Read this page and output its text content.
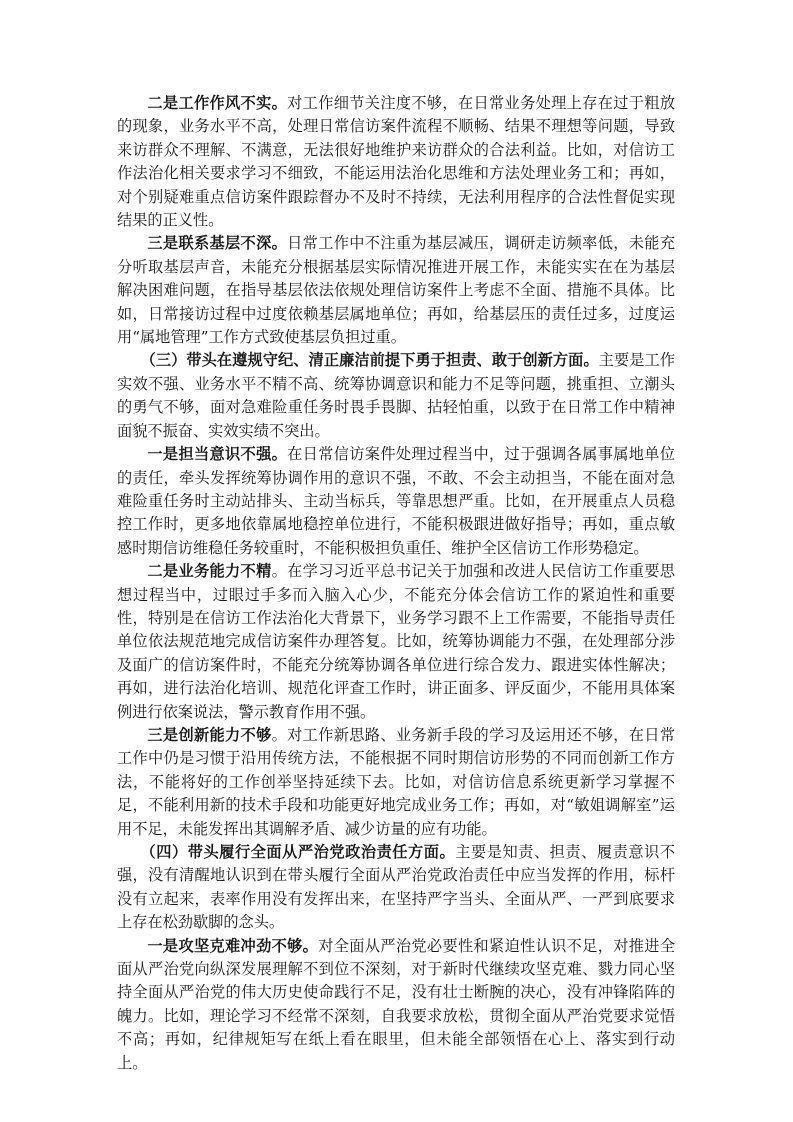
二是工作作风不实。对工作细节关注度不够，在日常业务处理上存在过于粗放的现象，业务水平不高，处理日常信访案件流程不顺畅、结果不理想等问题，导致来访群众不理解、不满意，无法很好地维护来访群众的合法利益。比如，对信访工作法治化相关要求学习不细致，不能运用法治化思维和方法处理业务工和；再如，对个别疑难重点信访案件跟踪督办不及时不持续，无法利用程序的合法性督促实现结果的正义性。

三是联系基层不深。日常工作中不注重为基层减压，调研走访频率低，未能充分听取基层声音，未能充分根据基层实际情况推进开展工作，未能实实在在为基层解决困难问题，在指导基层依法依规处理信访案件上考虑不全面、措施不具体。比如，日常接访过程中过度依赖基层属地单位；再如，给基层压的责任过多，过度运用“属地管理”工作方式致使基层负担过重。

（三）带头在遵规守纪、清正廉洁前提下勇于担责、敢于创新方面。主要是工作实效不强、业务水平不精不高、统筹协调意识和能力不足等问题，挑重担、立潮头的勇气不够，面对急难险重任务时畏手畏脚、拈轻怕重，以致于在日常工作中精神面貌不振奋、实效实绩不突出。

一是担当意识不强。在日常信访案件处理过程当中，过于强调各属事属地单位的责任，牵头发挥统筹协调作用的意识不强，不敢、不会主动担当，不能在面对急难险重任务时主动站排头、主动当标兵，等靠思想严重。比如，在开展重点人员稳控工作时，更多地依靠属地稳控单位进行，不能积极跟进做好指导；再如，重点敏感时期信访维稳任务较重时，不能积极担负重任、维护全区信访工作形势稳定。

二是业务能力不精。在学习习近平总书记关于加强和改进人民信访工作重要思想过程当中，过眼过手多而入脑入心少，不能充分体会信访工作的紧迫性和重要性，特别是在信访工作法治化大背景下，业务学习跟不上工作需要，不能指导责任单位依法规范地完成信访案件办理答复。比如，统筹协调能力不强，在处理部分涉及面广的信访案件时，不能充分统筹协调各单位进行综合发力、跟进实体性解决；再如，进行法治化培训、规范化评查工作时，讲正面多、评反面少，不能用具体案例进行依案说法，警示教育作用不强。

三是创新能力不够。对工作新思路、业务新手段的学习及运用还不够，在日常工作中仍是习惯于沿用传统方法，不能根据不同时期信访形势的不同而创新工作方法，不能将好的工作创举坚持延续下去。比如，对信访信息系统更新学习掌握不足，不能利用新的技术手段和功能更好地完成业务工作；再如，对“敏姐调解室”运用不足，未能发挥出其调解矛盾、减少访量的应有功能。

（四）带头履行全面从严治党政治责任方面。主要是知责、担责、履责意识不强，没有清醒地认识到在带头履行全面从严治党政治责任中应当发挥的作用，标杆没有立起来，表率作用没有发挥出来，在坚持严字当头、全面从严、一严到底要求上存在松劲歇脚的念头。

一是攻坚克难冲劲不够。对全面从严治党必要性和紧迫性认识不足，对推进全面从严治党向纵深发展理解不到位不深刻，对于新时代继续攻坚克难、戮力同心坚持全面从严治党的伟大历史使命践行不足，没有壮士断腕的决心，没有冲锋陷阵的魄力。比如，理论学习不经常不深刻，自我要求放松，贯彻全面从严治党要求觉悟不高；再如，纪律规矩写在纸上看在眼里，但未能全部领悟在心上、落实到行动上。
